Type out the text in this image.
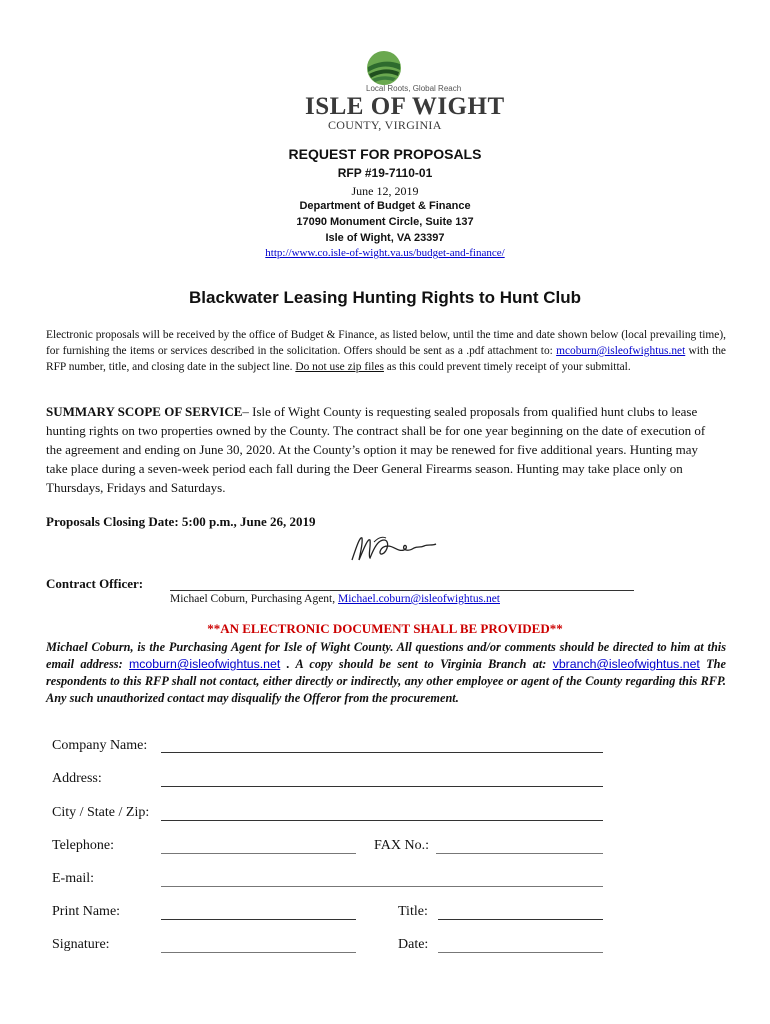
Local Roots, Global Reach
ISLE OF WIGHT
COUNTY, VIRGINIA
REQUEST FOR PROPOSALS
RFP #19-7110-01
June 12, 2019
Department of Budget & Finance
17090 Monument Circle, Suite 137
Isle of Wight, VA 23397
http://www.co.isle-of-wight.va.us/budget-and-finance/
Blackwater Leasing Hunting Rights to Hunt Club
Electronic proposals will be received by the office of Budget & Finance, as listed below, until the time and date shown below (local prevailing time), for furnishing the items or services described in the solicitation. Offers should be sent as a .pdf attachment to: mcoburn@isleofwightus.net with the RFP number, title, and closing date in the subject line. Do not use zip files as this could prevent timely receipt of your submittal.
SUMMARY SCOPE OF SERVICE– Isle of Wight County is requesting sealed proposals from qualified hunt clubs to lease hunting rights on two properties owned by the County. The contract shall be for one year beginning on the date of execution of the agreement and ending on June 30, 2020. At the County’s option it may be renewed for five additional years. Hunting may take place during a seven-week period each fall during the Deer General Firearms season. Hunting may take place only on Thursdays, Fridays and Saturdays.
Proposals Closing Date: 5:00 p.m., June 26, 2019
Contract Officer:
Michael Coburn, Purchasing Agent, Michael.coburn@isleofwightus.net
**AN ELECTRONIC DOCUMENT SHALL BE PROVIDED**
Michael Coburn, is the Purchasing Agent for Isle of Wight County. All questions and/or comments should be directed to him at this email address: mcoburn@isleofwightus.net . A copy should be sent to Virginia Branch at: vbranch@isleofwightus.net The respondents to this RFP shall not contact, either directly or indirectly, any other employee or agent of the County regarding this RFP. Any such unauthorized contact may disqualify the Offeror from the procurement.
Company Name:
Address:
City / State / Zip:
Telephone:	FAX No.:
E-mail:
Print Name:	Title:
Signature:	Date:
